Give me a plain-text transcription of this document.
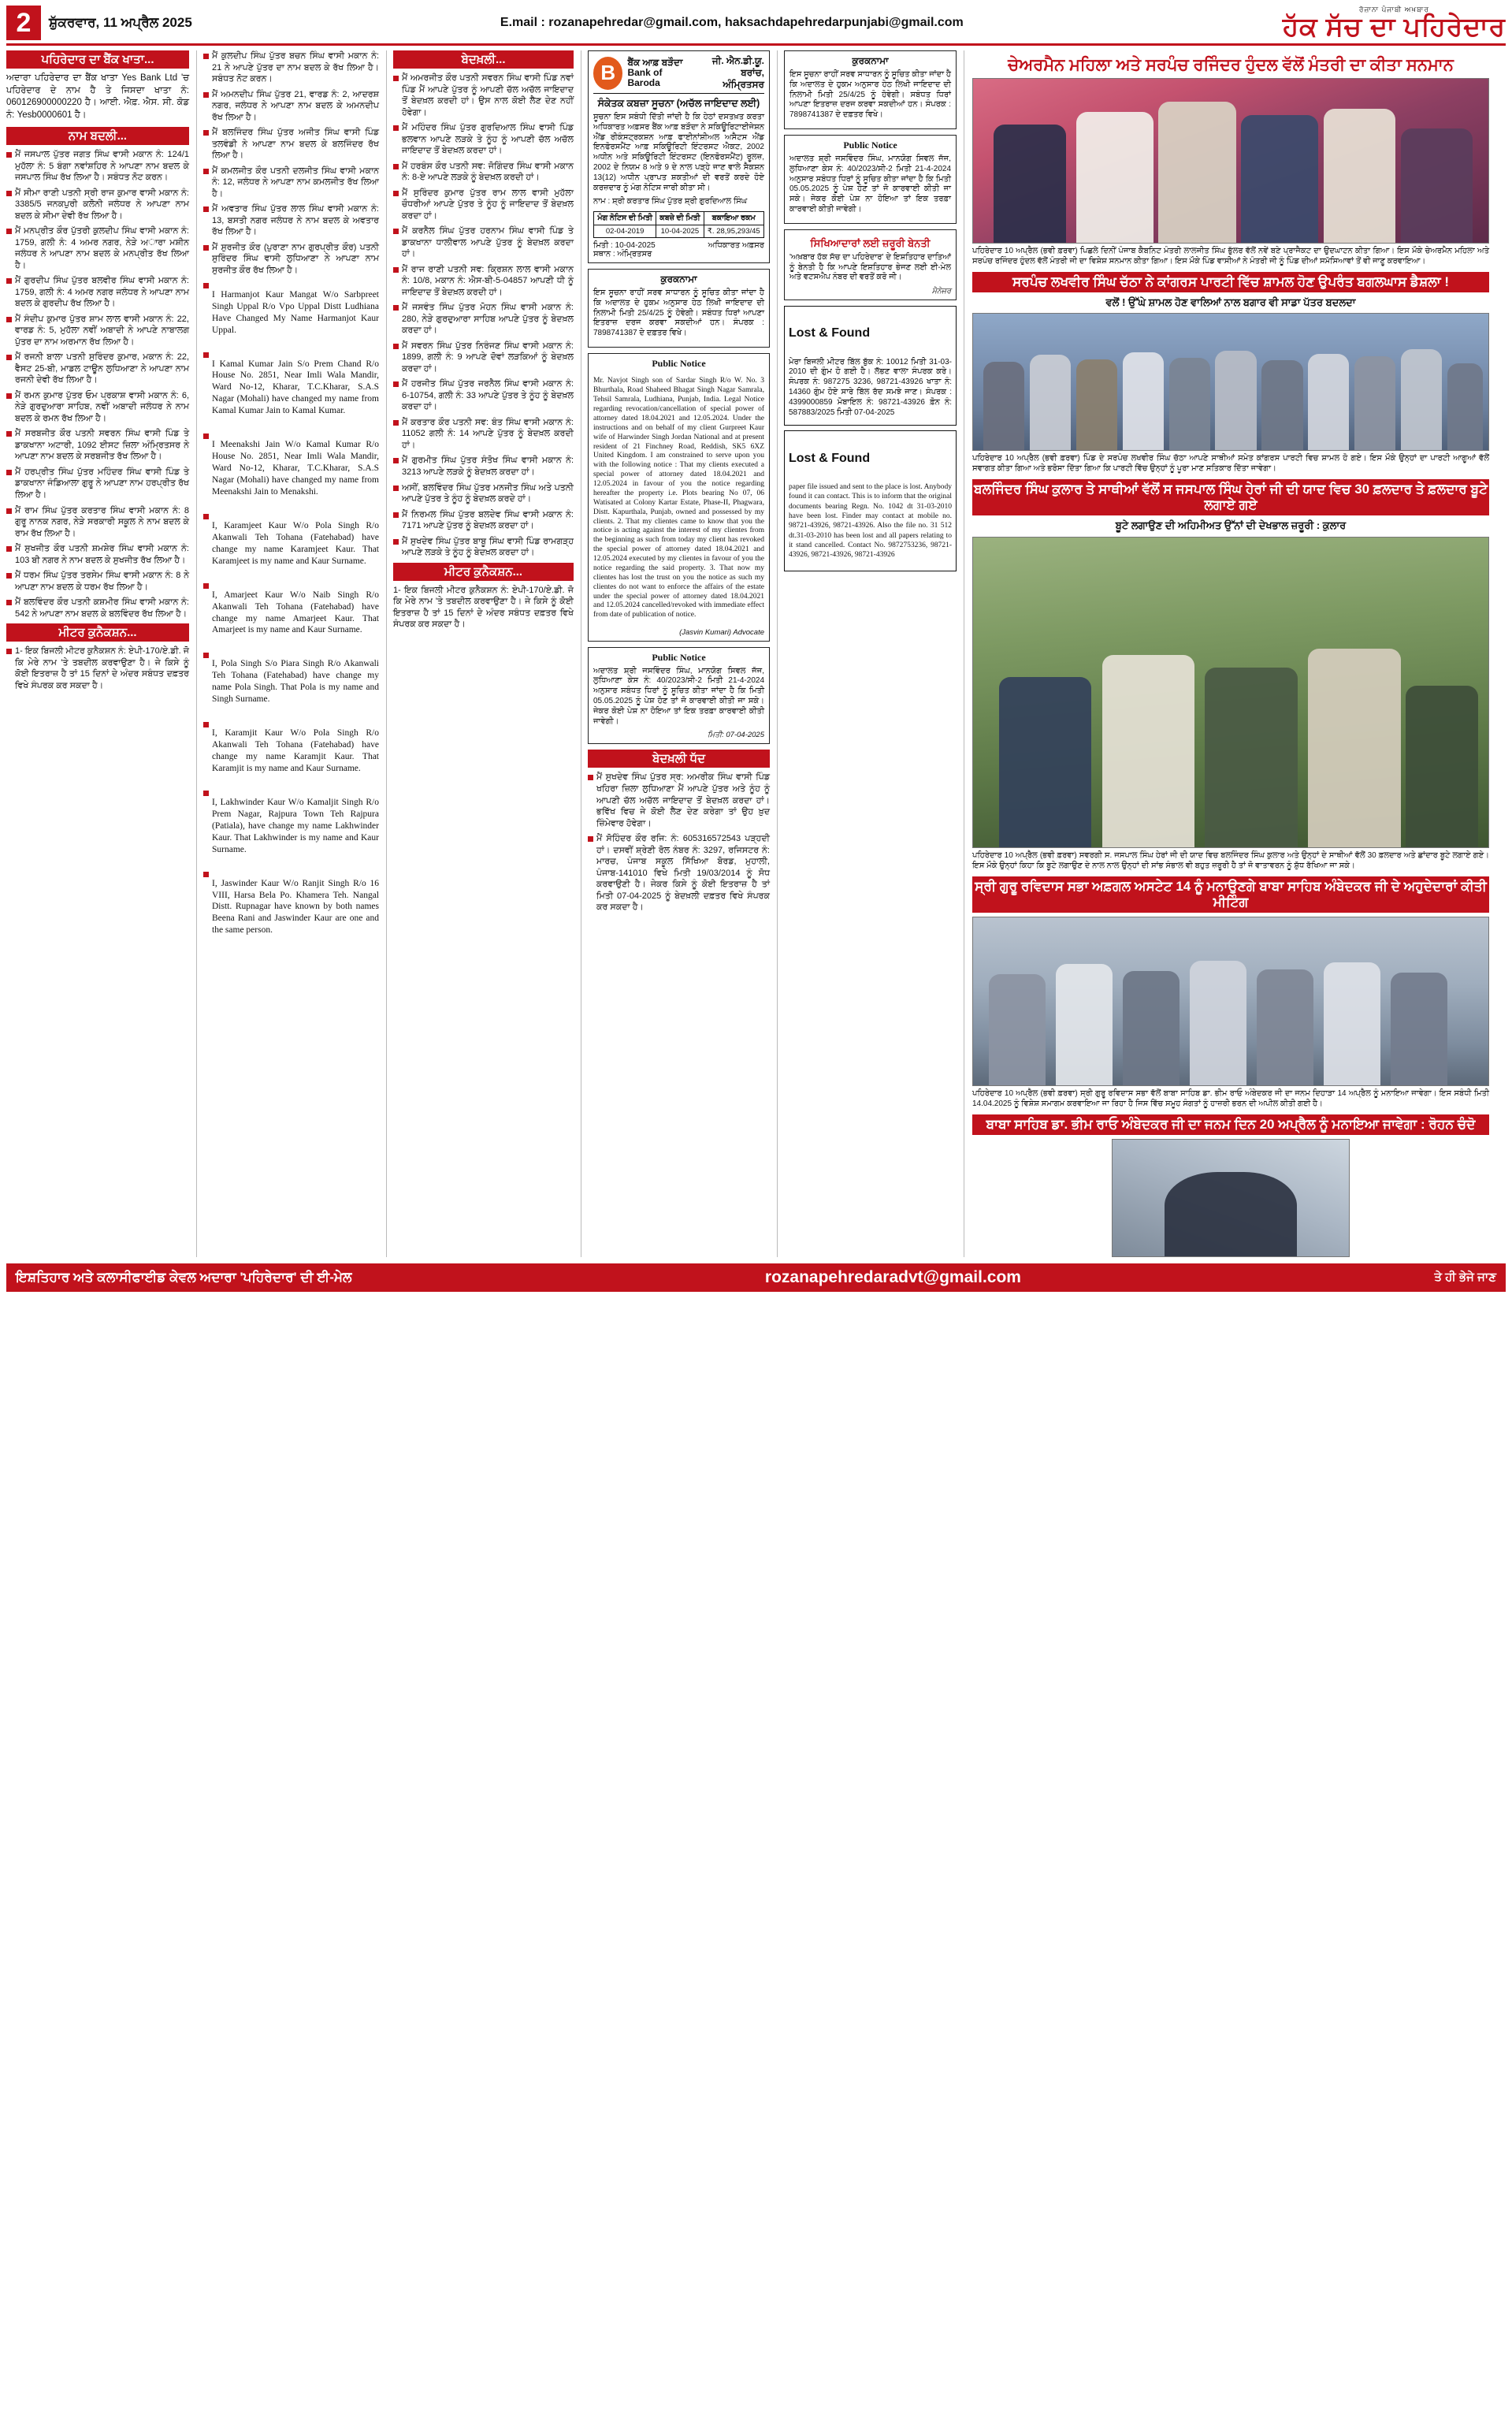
2	ਸ਼ੁੱਕਰਵਾਰ, 11 ਅਪ੍ਰੈਲ 2025	E.mail : rozanapehredar@gmail.com, haksachdapehredarpunjabi@gmail.com
ਰੋਜ਼ਾਨਾ ਪੰਜਾਬੀ ਅਖ਼ਬਾਰ
ਹੱਕ ਸੱਚ ਦਾ ਪਹਿਰੇਦਾਰ
ਪਹਿਰੇਦਾਰ ਦਾ ਬੈਂਕ ਖਾਤਾ...

ਅਦਾਰਾ ਪਹਿਰੇਦਾਰ ਦਾ ਬੈਂਕ ਖਾਤਾ Yes Bank Ltd 'ਚ ਪਹਿਰੇਦਾਰ ਦੇ ਨਾਮ ਹੈ ਤੇ ਜਿਸਦਾ ਖਾਤਾ ਨੰ: 060126900000220 ਹੈ। ਆਈ. ਐਫ਼. ਐਸ. ਸੀ. ਕੋਡ ਨੰ: Yesb0000601 ਹੈ।

ਨਾਮ ਬਦਲੀ...

ਮੈਂ ਜਸਪਾਲ ਪੁੱਤਰ ਜਗਤ ਸਿੰਘ ਵਾਸੀ ਮਕਾਨ ਨੰ: 124/1 ਮੁਹੱਲਾ ਨੰ: 5 ਬੰਗਾ ਨਵਾਂਸ਼ਹਿਰ ਨੇ ਆਪਣਾ ਨਾਮ ਬਦਲ ਕੇ ਜਸਪਾਲ ਸਿੰਘ ਰੱਖ ਲਿਆ ਹੈ। ਸਬੰਧਤ ਨੋਟ ਕਰਨ।

ਮੈਂ ਸੀਮਾ ਰਾਣੀ ਪਤਨੀ ਸ੍ਰੀ ਰਾਜ ਕੁਮਾਰ ਵਾਸੀ ਮਕਾਨ ਨੰ: 3385/5 ਜਨਕਪੁਰੀ ਕਲੋਨੀ ਜਲੰਧਰ ਨੇ ਆਪਣਾ ਨਾਮ ਬਦਲ ਕੇ ਸੀਮਾ ਦੇਵੀ ਰੱਖ ਲਿਆ ਹੈ।

ਮੈਂ ਮਨਪ੍ਰੀਤ ਕੌਰ ਪੁੱਤਰੀ ਕੁਲਦੀਪ ਸਿੰਘ ਵਾਸੀ ਮਕਾਨ ਨੰ: 1759, ਗਲੀ ਨੰ: 4 ਅਮਰ ਨਗਰ, ਨੇੜੇ ਅਾਰਾ ਮਸ਼ੀਨ ਜਲੰਧਰ ਨੇ ਆਪਣਾ ਨਾਮ ਬਦਲ ਕੇ ਮਨਪ੍ਰੀਤ ਰੱਖ ਲਿਆ ਹੈ।

ਮੈਂ ਗੁਰਦੀਪ ਸਿੰਘ ਪੁੱਤਰ ਬਲਵੀਰ ਸਿੰਘ ਵਾਸੀ ਮਕਾਨ ਨੰ: 1759, ਗਲੀ ਨੰ: 4 ਅਮਰ ਨਗਰ ਜਲੰਧਰ ਨੇ ਆਪਣਾ ਨਾਮ ਬਦਲ ਕੇ ਗੁਰਦੀਪ ਰੱਖ ਲਿਆ ਹੈ।

ਮੈਂ ਸੰਦੀਪ ਕੁਮਾਰ ਪੁੱਤਰ ਸ਼ਾਮ ਲਾਲ ਵਾਸੀ ਮਕਾਨ ਨੰ: 22, ਵਾਰਡ ਨੰ: 5, ਮੁਹੱਲਾ ਨਵੀਂ ਅਬਾਦੀ ਨੇ ਆਪਣੇ ਨਾਬਾਲਗ ਪੁੱਤਰ ਦਾ ਨਾਮ ਅਰਮਾਨ ਰੱਖ ਲਿਆ ਹੈ।

ਮੈਂ ਰਜਨੀ ਬਾਲਾ ਪਤਨੀ ਸੁਰਿੰਦਰ ਕੁਮਾਰ, ਮਕਾਨ ਨੰ: 22, ਵੈਸਟ 25-ਬੀ, ਮਾਡਲ ਟਾਊਨ ਲੁਧਿਆਣਾ ਨੇ ਆਪਣਾ ਨਾਮ ਰਜਨੀ ਦੇਵੀ ਰੱਖ ਲਿਆ ਹੈ।

ਮੈਂ ਰਮਨ ਕੁਮਾਰ ਪੁੱਤਰ ਓਮ ਪ੍ਰਕਾਸ਼ ਵਾਸੀ ਮਕਾਨ ਨੰ: 6, ਨੇੜੇ ਗੁਰਦੁਆਰਾ ਸਾਹਿਬ, ਨਵੀਂ ਅਬਾਦੀ ਜਲੰਧਰ ਨੇ ਨਾਮ ਬਦਲ ਕੇ ਰਮਨ ਰੱਖ ਲਿਆ ਹੈ।

ਮੈਂ ਸਰਬਜੀਤ ਕੌਰ ਪਤਨੀ ਸਵਰਨ ਸਿੰਘ ਵਾਸੀ ਪਿੰਡ ਤੇ ਡਾਕਖਾਨਾ ਅਟਾਰੀ, 1092 ਈਸਟ ਜ਼ਿਲਾ ਅੰਮ੍ਰਿਤਸਰ ਨੇ ਆਪਣਾ ਨਾਮ ਬਦਲ ਕੇ ਸਰਬਜੀਤ ਰੱਖ ਲਿਆ ਹੈ।

ਮੈਂ ਹਰਪ੍ਰੀਤ ਸਿੰਘ ਪੁੱਤਰ ਮਹਿੰਦਰ ਸਿੰਘ ਵਾਸੀ ਪਿੰਡ ਤੇ ਡਾਕਖਾਨਾ ਜੰਡਿਆਲਾ ਗੁਰੂ ਨੇ ਆਪਣਾ ਨਾਮ ਹਰਪ੍ਰੀਤ ਰੱਖ ਲਿਆ ਹੈ।

ਮੈਂ ਰਾਮ ਸਿੰਘ ਪੁੱਤਰ ਕਰਤਾਰ ਸਿੰਘ ਵਾਸੀ ਮਕਾਨ ਨੰ: 8 ਗੁਰੂ ਨਾਨਕ ਨਗਰ, ਨੇੜੇ ਸਰਕਾਰੀ ਸਕੂਲ ਨੇ ਨਾਮ ਬਦਲ ਕੇ ਰਾਮ ਰੱਖ ਲਿਆ ਹੈ।

ਮੈਂ ਸੁਖਜੀਤ ਕੌਰ ਪਤਨੀ ਸ਼ਮਸ਼ੇਰ ਸਿੰਘ ਵਾਸੀ ਮਕਾਨ ਨੰ: 103 ਬੀ ਨਗਰ ਨੇ ਨਾਮ ਬਦਲ ਕੇ ਸੁਖਜੀਤ ਰੱਖ ਲਿਆ ਹੈ।

ਮੈਂ ਧਰਮ ਸਿੰਘ ਪੁੱਤਰ ਤਰਸੇਮ ਸਿੰਘ ਵਾਸੀ ਮਕਾਨ ਨੰ: 8 ਨੇ ਆਪਣਾ ਨਾਮ ਬਦਲ ਕੇ ਧਰਮ ਰੱਖ ਲਿਆ ਹੈ।

ਮੈਂ ਬਲਵਿੰਦਰ ਕੌਰ ਪਤਨੀ ਕਸ਼ਮੀਰ ਸਿੰਘ ਵਾਸੀ ਮਕਾਨ ਨੰ: 542 ਨੇ ਆਪਣਾ ਨਾਮ ਬਦਲ ਕੇ ਬਲਵਿੰਦਰ ਰੱਖ ਲਿਆ ਹੈ।

ਮੀਟਰ ਕੁਨੈਕਸ਼ਨ...

1- ਇਕ ਬਿਜਲੀ ਮੀਟਰ ਕੁਨੈਕਸ਼ਨ ਨੰ: ਏਪੀ-170/ਏ.ਡੀ. ਜੋ ਕਿ ਮੇਰੇ ਨਾਮ 'ਤੇ ਤਬਦੀਲ ਕਰਵਾਉਣਾ ਹੈ। ਜੇ ਕਿਸੇ ਨੂੰ ਕੋਈ ਇਤਰਾਜ਼ ਹੈ ਤਾਂ 15 ਦਿਨਾਂ ਦੇ ਅੰਦਰ ਸਬੰਧਤ ਦਫ਼ਤਰ ਵਿਖੇ ਸੰਪਰਕ ਕਰ ਸਕਦਾ ਹੈ।

ਮੈਂ ਕੁਲਦੀਪ ਸਿੰਘ ਪੁੱਤਰ ਬਚਨ ਸਿੰਘ ਵਾਸੀ ਮਕਾਨ ਨੰ: 21 ਨੇ ਆਪਣੇ ਪੁੱਤਰ ਦਾ ਨਾਮ ਬਦਲ ਕੇ ਰੱਖ ਲਿਆ ਹੈ। ਸਬੰਧਤ ਨੋਟ ਕਰਨ।

ਮੈਂ ਅਮਨਦੀਪ ਸਿੰਘ ਪੁੱਤਰ 21, ਵਾਰਡ ਨੰ: 2, ਆਦਰਸ਼ ਨਗਰ, ਜਲੰਧਰ ਨੇ ਆਪਣਾ ਨਾਮ ਬਦਲ ਕੇ ਅਮਨਦੀਪ ਰੱਖ ਲਿਆ ਹੈ।

ਮੈਂ ਬਲਜਿੰਦਰ ਸਿੰਘ ਪੁੱਤਰ ਅਜੀਤ ਸਿੰਘ ਵਾਸੀ ਪਿੰਡ ਤਲਵੰਡੀ ਨੇ ਆਪਣਾ ਨਾਮ ਬਦਲ ਕੇ ਬਲਜਿੰਦਰ ਰੱਖ ਲਿਆ ਹੈ।

ਮੈਂ ਕਮਲਜੀਤ ਕੌਰ ਪਤਨੀ ਦਲਜੀਤ ਸਿੰਘ ਵਾਸੀ ਮਕਾਨ ਨੰ: 12, ਜਲੰਧਰ ਨੇ ਆਪਣਾ ਨਾਮ ਕਮਲਜੀਤ ਰੱਖ ਲਿਆ ਹੈ।

ਮੈਂ ਅਵਤਾਰ ਸਿੰਘ ਪੁੱਤਰ ਲਾਲ ਸਿੰਘ ਵਾਸੀ ਮਕਾਨ ਨੰ: 13, ਬਸਤੀ ਨਗਰ ਜਲੰਧਰ ਨੇ ਨਾਮ ਬਦਲ ਕੇ ਅਵਤਾਰ ਰੱਖ ਲਿਆ ਹੈ।

ਮੈਂ ਸੁਰਜੀਤ ਕੌਰ (ਪੁਰਾਣਾ ਨਾਮ ਗੁਰਪ੍ਰੀਤ ਕੌਰ) ਪਤਨੀ ਸੁਰਿੰਦਰ ਸਿੰਘ ਵਾਸੀ ਲੁਧਿਆਣਾ ਨੇ ਆਪਣਾ ਨਾਮ ਸੁਰਜੀਤ ਕੌਰ ਰੱਖ ਲਿਆ ਹੈ।

I Harmanjot Kaur Mangat W/o Sarbpreet Singh Uppal R/o Vpo Uppal Distt Ludhiana Have Changed My Name Harmanjot Kaur Uppal.

I Kamal Kumar Jain S/o Prem Chand R/o House No. 2851, Near Imli Wala Mandir, Ward No-12, Kharar, T.C.Kharar, S.A.S Nagar (Mohali) have changed my name from Kamal Kumar Jain to Kamal Kumar.

I Meenakshi Jain W/o Kamal Kumar R/o House No. 2851, Near Imli Wala Mandir, Ward No-12, Kharar, T.C.Kharar, S.A.S Nagar (Mohali) have changed my name from Meenakshi Jain to Menakshi.

I, Karamjeet Kaur W/o Pola Singh R/o Akanwali Teh Tohana (Fatehabad) have change my name Karamjeet Kaur. That Karamjeet is my name and Kaur Surname.

I, Amarjeet Kaur W/o Naib Singh R/o Akanwali Teh Tohana (Fatehabad) have change my name Amarjeet Kaur. That Amarjeet is my name and Kaur Surname.

I, Pola Singh S/o Piara Singh R/o Akanwali Teh Tohana (Fatehabad) have change my name Pola Singh. That Pola is my name and Singh Surname.

I, Karamjit Kaur W/o Pola Singh R/o Akanwali Teh Tohana (Fatehabad) have change my name Karamjit Kaur. That Karamjit is my name and Kaur Surname.

I, Lakhwinder Kaur W/o Kamaljit Singh R/o Prem Nagar, Rajpura Town Teh Rajpura (Patiala), have change my name Lakhwinder Kaur. That Lakhwinder is my name and Kaur Surname.

I, Jaswinder Kaur W/o Ranjit Singh R/o 16 VIII, Harsa Bela Po. Khamera Teh. Nangal Distt. Rupnagar have known by both names Beena Rani and Jaswinder Kaur are one and the same person.

ਬੇਦਖ਼ਲੀ...

ਮੈਂ ਅਮਰਜੀਤ ਕੌਰ ਪਤਨੀ ਸਵਰਨ ਸਿੰਘ ਵਾਸੀ ਪਿੰਡ ਨਵਾਂ ਪਿੰਡ ਮੈਂ ਆਪਣੇ ਪੁੱਤਰ ਨੂੰ ਆਪਣੀ ਚੱਲ ਅਚੱਲ ਜਾਇਦਾਦ ਤੋਂ ਬੇਦਖ਼ਲ ਕਰਦੀ ਹਾਂ। ਉਸ ਨਾਲ ਕੋਈ ਲੈਣ ਦੇਣ ਨਹੀਂ ਹੋਵੇਗਾ।

ਮੈਂ ਮਹਿੰਦਰ ਸਿੰਘ ਪੁੱਤਰ ਗੁਰਦਿਆਲ ਸਿੰਘ ਵਾਸੀ ਪਿੰਡ ਭਲਵਾਨ ਆਪਣੇ ਲੜਕੇ ਤੇ ਨੂੰਹ ਨੂੰ ਆਪਣੀ ਚੱਲ ਅਚੱਲ ਜਾਇਦਾਦ ਤੋਂ ਬੇਦਖ਼ਲ ਕਰਦਾ ਹਾਂ।

ਮੈਂ ਹਰਬੰਸ ਕੌਰ ਪਤਨੀ ਸਵ: ਜੋਗਿੰਦਰ ਸਿੰਘ ਵਾਸੀ ਮਕਾਨ ਨੰ: 8-ਏ ਆਪਣੇ ਲੜਕੇ ਨੂੰ ਬੇਦਖ਼ਲ ਕਰਦੀ ਹਾਂ।

ਮੈਂ ਸੁਰਿੰਦਰ ਕੁਮਾਰ ਪੁੱਤਰ ਰਾਮ ਲਾਲ ਵਾਸੀ ਮੁਹੱਲਾ ਚੌਧਰੀਆਂ ਆਪਣੇ ਪੁੱਤਰ ਤੇ ਨੂੰਹ ਨੂੰ ਜਾਇਦਾਦ ਤੋਂ ਬੇਦਖ਼ਲ ਕਰਦਾ ਹਾਂ।

ਮੈਂ ਕਰਨੈਲ ਸਿੰਘ ਪੁੱਤਰ ਹਰਨਾਮ ਸਿੰਘ ਵਾਸੀ ਪਿੰਡ ਤੇ ਡਾਕਖਾਨਾ ਧਾਲੀਵਾਲ ਆਪਣੇ ਪੁੱਤਰ ਨੂੰ ਬੇਦਖ਼ਲ ਕਰਦਾ ਹਾਂ।

ਮੈਂ ਰਾਜ ਰਾਣੀ ਪਤਨੀ ਸਵ: ਕ੍ਰਿਸ਼ਨ ਲਾਲ ਵਾਸੀ ਮਕਾਨ ਨੰ: 10/8, ਮਕਾਨ ਨੰ: ਐਸ-ਬੀ-5-04857 ਆਪਣੀ ਧੀ ਨੂੰ ਜਾਇਦਾਦ ਤੋਂ ਬੇਦਖ਼ਲ ਕਰਦੀ ਹਾਂ।

ਮੈਂ ਜਸਵੰਤ ਸਿੰਘ ਪੁੱਤਰ ਮੋਹਨ ਸਿੰਘ ਵਾਸੀ ਮਕਾਨ ਨੰ: 280, ਨੇੜੇ ਗੁਰਦੁਆਰਾ ਸਾਹਿਬ ਆਪਣੇ ਪੁੱਤਰ ਨੂੰ ਬੇਦਖ਼ਲ ਕਰਦਾ ਹਾਂ।

ਮੈਂ ਸਵਰਨ ਸਿੰਘ ਪੁੱਤਰ ਨਿਰੰਜਣ ਸਿੰਘ ਵਾਸੀ ਮਕਾਨ ਨੰ: 1899, ਗਲੀ ਨੰ: 9 ਆਪਣੇ ਦੋਵਾਂ ਲੜਕਿਆਂ ਨੂੰ ਬੇਦਖ਼ਲ ਕਰਦਾ ਹਾਂ।

ਮੈਂ ਹਰਜੀਤ ਸਿੰਘ ਪੁੱਤਰ ਜਰਨੈਲ ਸਿੰਘ ਵਾਸੀ ਮਕਾਨ ਨੰ: 6-10754, ਗਲੀ ਨੰ: 33 ਆਪਣੇ ਪੁੱਤਰ ਤੇ ਨੂੰਹ ਨੂੰ ਬੇਦਖ਼ਲ ਕਰਦਾ ਹਾਂ।

ਮੈਂ ਕਰਤਾਰ ਕੌਰ ਪਤਨੀ ਸਵ: ਬੰਤ ਸਿੰਘ ਵਾਸੀ ਮਕਾਨ ਨੰ: 11052 ਗਲੀ ਨੰ: 14 ਆਪਣੇ ਪੁੱਤਰ ਨੂੰ ਬੇਦਖ਼ਲ ਕਰਦੀ ਹਾਂ।

ਮੈਂ ਗੁਰਮੀਤ ਸਿੰਘ ਪੁੱਤਰ ਸੰਤੋਖ ਸਿੰਘ ਵਾਸੀ ਮਕਾਨ ਨੰ: 3213 ਆਪਣੇ ਲੜਕੇ ਨੂੰ ਬੇਦਖ਼ਲ ਕਰਦਾ ਹਾਂ।

ਅਸੀਂ, ਬਲਵਿੰਦਰ ਸਿੰਘ ਪੁੱਤਰ ਮਨਜੀਤ ਸਿੰਘ ਅਤੇ ਪਤਨੀ ਆਪਣੇ ਪੁੱਤਰ ਤੇ ਨੂੰਹ ਨੂੰ ਬੇਦਖ਼ਲ ਕਰਦੇ ਹਾਂ।

ਮੈਂ ਨਿਰਮਲ ਸਿੰਘ ਪੁੱਤਰ ਬਲਦੇਵ ਸਿੰਘ ਵਾਸੀ ਮਕਾਨ ਨੰ: 7171 ਆਪਣੇ ਪੁੱਤਰ ਨੂੰ ਬੇਦਖ਼ਲ ਕਰਦਾ ਹਾਂ।

ਮੈਂ ਸੁਖਦੇਵ ਸਿੰਘ ਪੁੱਤਰ ਬਾਬੂ ਸਿੰਘ ਵਾਸੀ ਪਿੰਡ ਰਾਮਗੜ੍ਹ ਆਪਣੇ ਲੜਕੇ ਤੇ ਨੂੰਹ ਨੂੰ ਬੇਦਖ਼ਲ ਕਰਦਾ ਹਾਂ।

ਮੀਟਰ ਕੁਨੈਕਸ਼ਨ...

1- ਇਕ ਬਿਜਲੀ ਮੀਟਰ ਕੁਨੈਕਸ਼ਨ ਨੰ: ਏਪੀ-170/ਏ.ਡੀ. ਜੋ ਕਿ ਮੇਰੇ ਨਾਮ 'ਤੇ ਤਬਦੀਲ ਕਰਵਾਉਣਾ ਹੈ। ਜੇ ਕਿਸੇ ਨੂੰ ਕੋਈ ਇਤਰਾਜ਼ ਹੈ ਤਾਂ 15 ਦਿਨਾਂ ਦੇ ਅੰਦਰ ਸਬੰਧਤ ਦਫ਼ਤਰ ਵਿਖੇ ਸੰਪਰਕ ਕਰ ਸਕਦਾ ਹੈ।

B	ਬੈਂਕ ਆਫ਼ ਬੜੌਦਾ
Bank of Baroda
ਜੀ. ਐਨ.ਡੀ.ਯੂ. ਬਰਾਂਚ,
ਅੰਮ੍ਰਿਤਸਰ
ਸੰਕੇਤਕ ਕਬਜ਼ਾ ਸੂਚਨਾ (ਅਚੱਲ ਜਾਇਦਾਦ ਲਈ)

ਸੂਚਨਾ ਇਸ ਸਬੰਧੀ ਦਿੱਤੀ ਜਾਂਦੀ ਹੈ ਕਿ ਹੇਠਾਂ ਦਸਤਖ਼ਤ ਕਰਤਾ ਅਧਿਕਾਰਤ ਅਫ਼ਸਰ ਬੈਂਕ ਆਫ਼ ਬੜੌਦਾ ਨੇ ਸਕਿਊਰਿਟਾਈਜੇਸ਼ਨ ਐਂਡ ਰੀਕੰਸਟ੍ਰਕਸ਼ਨ ਆਫ਼ ਫਾਈਨਾਂਸ਼ੀਅਲ ਅਸੈਟਸ ਐਂਡ ਇਨਫੋਰਸਮੈਂਟ ਆਫ਼ ਸਕਿਊਰਿਟੀ ਇੰਟਰਸਟ ਐਕਟ, 2002 ਅਧੀਨ ਅਤੇ ਸਕਿਊਰਿਟੀ ਇੰਟਰਸਟ (ਇਨਫੋਰਸਮੈਂਟ) ਰੂਲਜ਼, 2002 ਦੇ ਨਿਯਮ 8 ਅਤੇ 9 ਦੇ ਨਾਲ ਪੜ੍ਹੇ ਜਾਣ ਵਾਲੇ ਸੈਕਸ਼ਨ 13(12) ਅਧੀਨ ਪ੍ਰਾਪਤ ਸ਼ਕਤੀਆਂ ਦੀ ਵਰਤੋਂ ਕਰਦੇ ਹੋਏ ਕਰਜ਼ਦਾਰ ਨੂੰ ਮੰਗ ਨੋਟਿਸ ਜਾਰੀ ਕੀਤਾ ਸੀ।

ਨਾਮ : ਸ਼੍ਰੀ ਕਰਤਾਰ ਸਿੰਘ ਪੁੱਤਰ ਸ਼੍ਰੀ ਗੁਰਦਿਆਲ ਸਿੰਘ

ਮੰਗ ਨੋਟਿਸ ਦੀ ਮਿਤੀ	ਕਬਜ਼ੇ ਦੀ ਮਿਤੀ	ਬਕਾਇਆ ਰਕਮ
02-04-2019	10-04-2025	₹. 28,95,293/45
ਮਿਤੀ : 10-04-2025
ਸਥਾਨ : ਅੰਮ੍ਰਿਤਸਰ
ਅਧਿਕਾਰਤ ਅਫ਼ਸਰ
ਕੁਰਕਨਾਮਾ

ਇਸ ਸੂਚਨਾ ਰਾਹੀਂ ਸਰਵ ਸਾਧਾਰਨ ਨੂੰ ਸੂਚਿਤ ਕੀਤਾ ਜਾਂਦਾ ਹੈ ਕਿ ਅਦਾਲਤ ਦੇ ਹੁਕਮ ਅਨੁਸਾਰ ਹੇਠ ਲਿਖੀ ਜਾਇਦਾਦ ਦੀ ਨਿਲਾਮੀ ਮਿਤੀ 25/4/25 ਨੂੰ ਹੋਵੇਗੀ। ਸਬੰਧਤ ਧਿਰਾਂ ਆਪਣਾ ਇਤਰਾਜ਼ ਦਰਜ ਕਰਵਾ ਸਕਦੀਆਂ ਹਨ। ਸੰਪਰਕ : 7898741387 ਦੇ ਦਫ਼ਤਰ ਵਿਖੇ।

Public Notice

Mr. Navjot Singh son of Sardar Singh R/o W. No. 3 Bhurthala, Road Shaheed Bhagat Singh Nagar Samrala, Tehsil Samrala, Ludhiana, Punjab, India. Legal Notice regarding revocation/cancellation of special power of attorney dated 18.04.2021 and 12.05.2024. Under the instructions and on behalf of my client Gurpreet Kaur wife of Harwinder Singh Jordan National and at present resident of 21 Finchney Road, Reddish, SK5 6XZ United Kingdom. I am constrained to serve upon you with the following notice : That my clients executed a special power of attorney dated 18.04.2021 and 12.05.2024 in favour of you the notice regarding hereafter the property i.e. Plots bearing No 07, 06 Watisated at Colony Kartar Estate, Phase-II, Phagwara, Distt. Kapurthala, Punjab, owned and possessed by my clients. 2. That my clientes came to know that you the notice is acting against the interest of my clientes from the beginning as such from today my client has revoked the special power of attorney dated 18.04.2021 and 12.05.2024 executed by my clientes in favour of you the notice regarding the said property. 3. That now my clientes has lost the trust on you the notice as such my clientes do not want to enforce the affairs of the estate under the special power of attorney dated 18.04.2021 and 12.05.2024 cancelled/revoked with immediate effect from date of publication of notice.

(Jasvin Kumari) Advocate
Public Notice

ਅਦਾਲਤ ਸ਼੍ਰੀ ਜਸਵਿੰਦਰ ਸਿੰਘ, ਮਾਨਯੋਗ ਸਿਵਲ ਜੱਜ, ਲੁਧਿਆਣਾ ਕੇਸ ਨੰ: 40/2023/ਸੀ-2 ਮਿਤੀ 21-4-2024 ਅਨੁਸਾਰ ਸਬੰਧਤ ਧਿਰਾਂ ਨੂੰ ਸੂਚਿਤ ਕੀਤਾ ਜਾਂਦਾ ਹੈ ਕਿ ਮਿਤੀ 05.05.2025 ਨੂੰ ਪੇਸ਼ ਹੋਣ ਤਾਂ ਜੋ ਕਾਰਵਾਈ ਕੀਤੀ ਜਾ ਸਕੇ। ਜੇਕਰ ਕੋਈ ਪੇਸ਼ ਨਾ ਹੋਇਆ ਤਾਂ ਇਕ ਤਰਫ਼ਾ ਕਾਰਵਾਈ ਕੀਤੀ ਜਾਵੇਗੀ।

ਮਿਤੀ: 07-04-2025
ਬੇਦਖ਼ਲੀ ਧੱਦ

ਮੈਂ ਸੁਖਦੇਵ ਸਿੰਘ ਪੁੱਤਰ ਸ੍ਰ: ਅਮਰੀਕ ਸਿੰਘ ਵਾਸੀ ਪਿੰਡ ਖਹਿਰਾ ਜ਼ਿਲਾ ਲੁਧਿਆਣਾ ਮੈਂ ਆਪਣੇ ਪੁੱਤਰ ਅਤੇ ਨੂੰਹ ਨੂੰ ਆਪਣੀ ਚੱਲ ਅਚੱਲ ਜਾਇਦਾਦ ਤੋਂ ਬੇਦਖ਼ਲ ਕਰਦਾ ਹਾਂ। ਭਵਿੱਖ ਵਿਚ ਜੇ ਕੋਈ ਲੈਣ ਦੇਣ ਕਰੇਗਾ ਤਾਂ ਉਹ ਖ਼ੁਦ ਜ਼ਿੰਮੇਵਾਰ ਹੋਵੇਗਾ।

ਮੈਂ ਸੋਹਿੰਦਰ ਕੌਰ ਰਜਿ: ਨੰ: 605316572543 ਪੜ੍ਹਦੀ ਹਾਂ। ਦਸਵੀਂ ਸ਼੍ਰੇਣੀ ਰੋਲ ਨੰਬਰ ਨੰ: 3297, ਰਜਿਸਟਰ ਨੰ: ਮਾਰਚ, ਪੰਜਾਬ ਸਕੂਲ ਸਿੱਖਿਆ ਬੋਰਡ, ਮੁਹਾਲੀ, ਪੰਜਾਬ-141010 ਵਿਖੇ ਮਿਤੀ 19/03/2014 ਨੂੰ ਸੋਧ ਕਰਵਾਉਣੀ ਹੈ। ਜੇਕਰ ਕਿਸੇ ਨੂੰ ਕੋਈ ਇਤਰਾਜ਼ ਹੈ ਤਾਂ ਮਿਤੀ 07-04-2025 ਨੂੰ ਬੇਦਖ਼ਲੀ ਦਫ਼ਤਰ ਵਿਖੇ ਸੰਪਰਕ ਕਰ ਸਕਦਾ ਹੈ।

ਕੁਰਕਨਾਮਾ

ਇਸ ਸੂਚਨਾ ਰਾਹੀਂ ਸਰਵ ਸਾਧਾਰਨ ਨੂੰ ਸੂਚਿਤ ਕੀਤਾ ਜਾਂਦਾ ਹੈ ਕਿ ਅਦਾਲਤ ਦੇ ਹੁਕਮ ਅਨੁਸਾਰ ਹੇਠ ਲਿਖੀ ਜਾਇਦਾਦ ਦੀ ਨਿਲਾਮੀ ਮਿਤੀ 25/4/25 ਨੂੰ ਹੋਵੇਗੀ। ਸਬੰਧਤ ਧਿਰਾਂ ਆਪਣਾ ਇਤਰਾਜ਼ ਦਰਜ ਕਰਵਾ ਸਕਦੀਆਂ ਹਨ। ਸੰਪਰਕ : 7898741387 ਦੇ ਦਫ਼ਤਰ ਵਿਖੇ।

Public Notice

ਅਦਾਲਤ ਸ਼੍ਰੀ ਜਸਵਿੰਦਰ ਸਿੰਘ, ਮਾਨਯੋਗ ਸਿਵਲ ਜੱਜ, ਲੁਧਿਆਣਾ ਕੇਸ ਨੰ: 40/2023/ਸੀ-2 ਮਿਤੀ 21-4-2024 ਅਨੁਸਾਰ ਸਬੰਧਤ ਧਿਰਾਂ ਨੂੰ ਸੂਚਿਤ ਕੀਤਾ ਜਾਂਦਾ ਹੈ ਕਿ ਮਿਤੀ 05.05.2025 ਨੂੰ ਪੇਸ਼ ਹੋਣ ਤਾਂ ਜੋ ਕਾਰਵਾਈ ਕੀਤੀ ਜਾ ਸਕੇ। ਜੇਕਰ ਕੋਈ ਪੇਸ਼ ਨਾ ਹੋਇਆ ਤਾਂ ਇਕ ਤਰਫ਼ਾ ਕਾਰਵਾਈ ਕੀਤੀ ਜਾਵੇਗੀ।

ਸਿਖਿਆਦਾਰਾਂ ਲਈ ਜ਼ਰੂਰੀ ਬੇਨਤੀ

'ਅਖ਼ਬਾਰ ਹੱਕ ਸੱਚ ਦਾ ਪਹਿਰੇਦਾਰ' ਦੇ ਇਸ਼ਤਿਹਾਰ ਦਾਤਿਆਂ ਨੂੰ ਬੇਨਤੀ ਹੈ ਕਿ ਆਪਣੇ ਇਸ਼ਤਿਹਾਰ ਭੇਜਣ ਲਈ ਈ-ਮੇਲ ਅਤੇ ਵਟਸਐਪ ਨੰਬਰ ਦੀ ਵਰਤੋਂ ਕਰੋ ਜੀ।

ਮੈਨੇਜਰ
Lost & Found

ਮੇਰਾ ਬਿਜਲੀ ਮੀਟਰ ਬਿੱਲ ਬੁੱਕ ਨੰ: 10012 ਮਿਤੀ 31-03-2010 ਦੀ ਗੁੰਮ ਹੋ ਗਈ ਹੈ। ਲੱਭਣ ਵਾਲਾ ਸੰਪਰਕ ਕਰੇ। ਸੰਪਰਕ ਨੰ: 987275 3236, 98721-43926 ਖਾਤਾ ਨੰ: 14360 ਗੁੰਮ ਹੋਏ ਸਾਰੇ ਬਿੱਲ ਰੱਦ ਸਮਝੇ ਜਾਣ। ਸੰਪਰਕ : 4399000859 ਮੋਬਾਇਲ ਨੰ: 98721-43926 ਫ਼ੋਨ ਨੰ: 587883/2025 ਮਿਤੀ 07-04-2025

Lost & Found

paper file issued and sent to the place is lost. Anybody found it can contact. This is to inform that the original documents bearing Regn. No. 1042 dt 31-03-2010 have been lost. Finder may contact at mobile no. 98721-43926, 98721-43926. Also the file no. 31 512 dt.31-03-2010 has been lost and all papers relating to it stand cancelled. Contact No. 9872753236, 98721-43926, 98721-43926, 98721-43926

ਚੇਅਰਮੈਨ ਮਹਿਲਾ ਅਤੇ ਸਰਪੰਚ ਰਜਿੰਦਰ ਹੁੰਦਲ ਵੱਲੋਂ ਮੰਤਰੀ ਦਾ ਕੀਤਾ ਸਨਮਾਨ

ਪਹਿਰੇਦਾਰ 10 ਅਪ੍ਰੈਲ (ਭਵੀ ਫ਼ਰਵਾ) ਪਿਛਲੇ ਦਿਨੀਂ ਪੰਜਾਬ ਕੈਬਨਿਟ ਮੰਤਰੀ ਲਾਲਜੀਤ ਸਿੰਘ ਭੁੱਲਰ ਵੱਲੋਂ ਨਵੇਂ ਬਣੇ ਪ੍ਰਾਜੈਕਟ ਦਾ ਉਦਘਾਟਨ ਕੀਤਾ ਗਿਆ। ਇਸ ਮੌਕੇ ਚੇਅਰਮੈਨ ਮਹਿਲਾ ਅਤੇ ਸਰਪੰਚ ਰਜਿੰਦਰ ਹੁੰਦਲ ਵੱਲੋਂ ਮੰਤਰੀ ਜੀ ਦਾ ਵਿਸ਼ੇਸ਼ ਸਨਮਾਨ ਕੀਤਾ ਗਿਆ। ਇਸ ਮੌਕੇ ਪਿੰਡ ਵਾਸੀਆਂ ਨੇ ਮੰਤਰੀ ਜੀ ਨੂੰ ਪਿੰਡ ਦੀਆਂ ਸਮੱਸਿਆਵਾਂ ਤੋਂ ਵੀ ਜਾਣੂ ਕਰਵਾਇਆ।

ਸਰਪੰਚ ਲਖਵੀਰ ਸਿੰਘ ਚੱਠਾ ਨੇ ਕਾਂਗਰਸ ਪਾਰਟੀ ਵਿੱਚ ਸ਼ਾਮਲ ਹੋਣ ਉਪਰੰਤ ਬਗਲਘਾਸ ਡੈਸ਼ਲਾ !
ਵਲੋਂ ! ਉੱਘੇ ਸ਼ਾਮਲ ਹੋਣ ਵਾਲਿਆਂ ਨਾਲ ਬਗਾਰ ਵੀ ਸਾਡਾ ਪੱਤਰ ਬਦਲਦਾ

ਪਹਿਰੇਦਾਰ 10 ਅਪ੍ਰੈਲ (ਭਵੀ ਫ਼ਰਵਾ) ਪਿੰਡ ਦੇ ਸਰਪੰਚ ਲਖਵੀਰ ਸਿੰਘ ਚੱਠਾ ਆਪਣੇ ਸਾਥੀਆਂ ਸਮੇਤ ਕਾਂਗਰਸ ਪਾਰਟੀ ਵਿਚ ਸ਼ਾਮਲ ਹੋ ਗਏ। ਇਸ ਮੌਕੇ ਉਨ੍ਹਾਂ ਦਾ ਪਾਰਟੀ ਆਗੂਆਂ ਵੱਲੋਂ ਸਵਾਗਤ ਕੀਤਾ ਗਿਆ ਅਤੇ ਭਰੋਸਾ ਦਿੱਤਾ ਗਿਆ ਕਿ ਪਾਰਟੀ ਵਿੱਚ ਉਨ੍ਹਾਂ ਨੂੰ ਪੂਰਾ ਮਾਣ ਸਤਿਕਾਰ ਦਿੱਤਾ ਜਾਵੇਗਾ।

ਬਲਜਿੰਦਰ ਸਿੰਘ ਕੁਲਾਰ ਤੇ ਸਾਥੀਆਂ ਵੱਲੋਂ ਸ ਜਸਪਾਲ ਸਿੰਘ ਹੇਰਾਂ ਜੀ ਦੀ ਯਾਦ ਵਿਚ 30 ਫ਼ਲਦਾਰ ਤੇ ਫ਼ਲਦਾਰ ਬੂਟੇ ਲਗਾਏ ਗਏ
ਬੂਟੇ ਲਗਾਉਣ ਦੀ ਅਹਿਮੀਅਤ ਉੱਨਾਂ ਦੀ ਦੇਖਭਾਲ ਜ਼ਰੂਰੀ : ਕੁਲਾਰ

ਪਹਿਰੇਦਾਰ 10 ਅਪ੍ਰੈਲ (ਭਵੀ ਫ਼ਰਵਾ) ਸਵਰਗੀ ਸ. ਜਸਪਾਲ ਸਿੰਘ ਹੇਰਾਂ ਜੀ ਦੀ ਯਾਦ ਵਿਚ ਬਲਜਿੰਦਰ ਸਿੰਘ ਕੁਲਾਰ ਅਤੇ ਉਨ੍ਹਾਂ ਦੇ ਸਾਥੀਆਂ ਵੱਲੋਂ 30 ਫ਼ਲਦਾਰ ਅਤੇ ਛਾਂਦਾਰ ਬੂਟੇ ਲਗਾਏ ਗਏ। ਇਸ ਮੌਕੇ ਉਨ੍ਹਾਂ ਕਿਹਾ ਕਿ ਬੂਟੇ ਲਗਾਉਣ ਦੇ ਨਾਲ ਨਾਲ ਉਨ੍ਹਾਂ ਦੀ ਸਾਂਭ ਸੰਭਾਲ ਵੀ ਬਹੁਤ ਜ਼ਰੂਰੀ ਹੈ ਤਾਂ ਜੋ ਵਾਤਾਵਰਨ ਨੂੰ ਸ਼ੁੱਧ ਰੱਖਿਆ ਜਾ ਸਕੇ।

ਸ੍ਰੀ ਗੁਰੂ ਰਵਿਦਾਸ ਸਭਾ ਅਫ਼ਗਲ ਅਸਟੇਟ 14 ਨੂੰ ਮਨਾਉਣਗੇ ਬਾਬਾ ਸਾਹਿਬ ਅੰਬੇਦਕਰ ਜੀ ਦੇ ਅਹੁਦੇਦਾਰਾਂ ਕੀਤੀ ਮੀਟਿੰਗ

ਪਹਿਰੇਦਾਰ 10 ਅਪ੍ਰੈਲ (ਭਵੀ ਫ਼ਰਵਾ) ਸ੍ਰੀ ਗੁਰੂ ਰਵਿਦਾਸ ਸਭਾ ਵੱਲੋਂ ਬਾਬਾ ਸਾਹਿਬ ਡਾ. ਭੀਮ ਰਾਓ ਅੰਬੇਦਕਰ ਜੀ ਦਾ ਜਨਮ ਦਿਹਾੜਾ 14 ਅਪ੍ਰੈਲ ਨੂੰ ਮਨਾਇਆ ਜਾਵੇਗਾ। ਇਸ ਸਬੰਧੀ ਮਿਤੀ 14.04.2025 ਨੂੰ ਵਿਸ਼ੇਸ਼ ਸਮਾਗਮ ਕਰਵਾਇਆ ਜਾ ਰਿਹਾ ਹੈ ਜਿਸ ਵਿੱਚ ਸਮੂਹ ਸੰਗਤਾਂ ਨੂੰ ਹਾਜ਼ਰੀ ਭਰਨ ਦੀ ਅਪੀਲ ਕੀਤੀ ਗਈ ਹੈ।

ਬਾਬਾ ਸਾਹਿਬ ਡਾ. ਭੀਮ ਰਾਓ ਅੰਬੇਦਕਰ ਜੀ ਦਾ ਜਨਮ ਦਿਨ 20 ਅਪ੍ਰੈਲ ਨੂੰ ਮਨਾਇਆ ਜਾਵੇਗਾ : ਰੋਹਨ ਚੰਦੋ
ਇਸ਼ਤਿਹਾਰ ਅਤੇ ਕਲਾਸੀਫਾਈਡ ਕੇਵਲ ਅਦਾਰਾ 'ਪਹਿਰੇਦਾਰ' ਦੀ ਈ-ਮੇਲ	rozanapehredaradvt@gmail.com	ਤੇ ਹੀ ਭੇਜੇ ਜਾਣ
